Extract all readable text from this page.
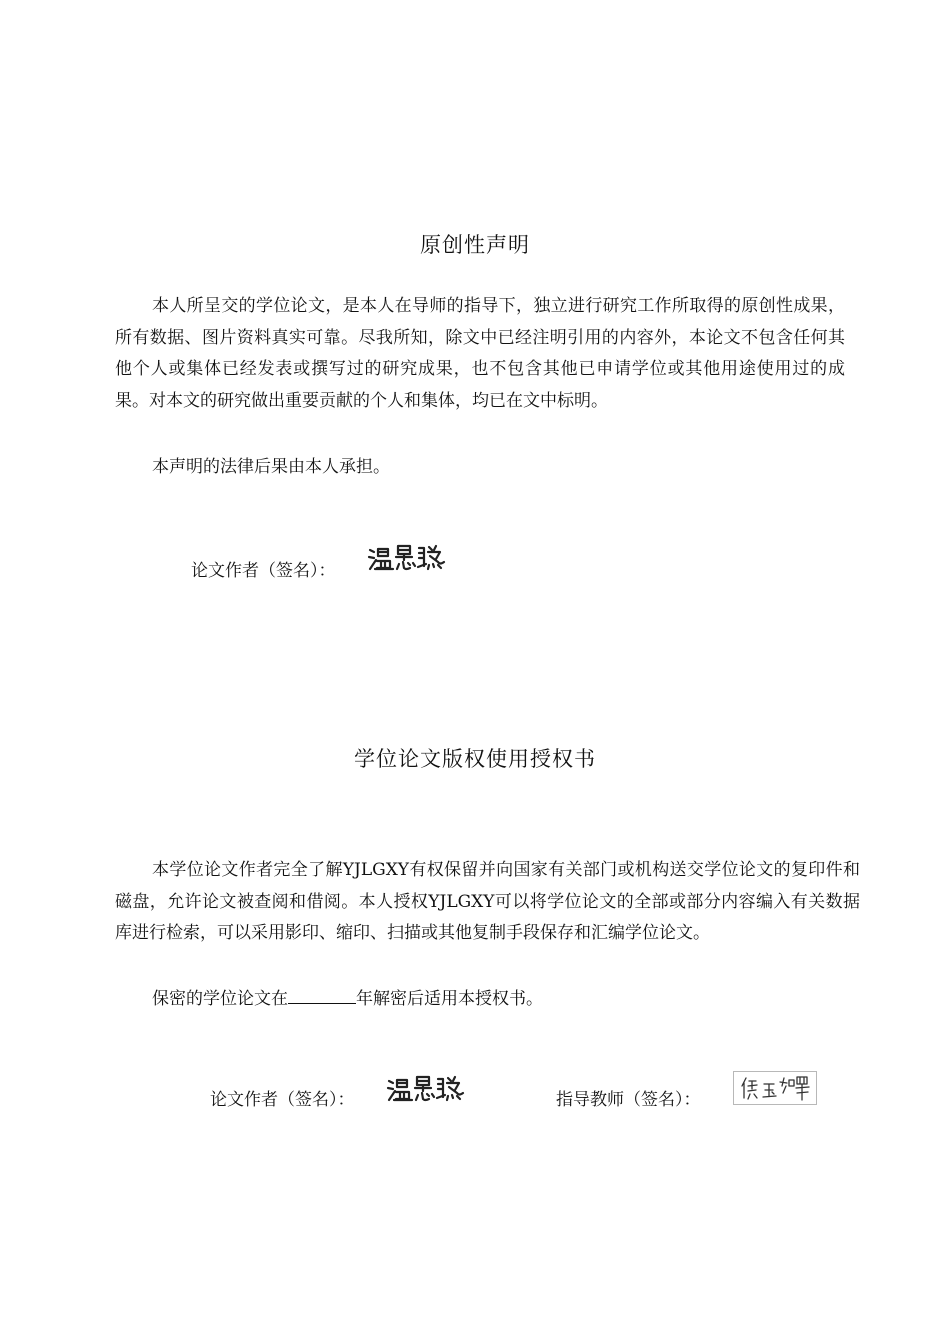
原创性声明

本人所呈交的学位论文，是本人在导师的指导下，独立进行研究工作所取得的原创性成果，所有数据、图片资料真实可靠。尽我所知，除文中已经注明引用的内容外，本论文不包含任何其他个人或集体已经发表或撰写过的研究成果，也不包含其他已申请学位或其他用途使用过的成果。对本文的研究做出重要贡献的个人和集体，均已在文中标明。

本声明的法律后果由本人承担。

论文作者（签名）：
学位论文版权使用授权书

本学位论文作者完全了解YJLGXY有权保留并向国家有关部门或机构送交学位论文的复印件和磁盘，允许论文被查阅和借阅。本人授权YJLGXY可以将学位论文的全部或部分内容编入有关数据库进行检索，可以采用影印、缩印、扫描或其他复制手段保存和汇编学位论文。

保密的学位论文在	年解密后适用本授权书。

论文作者（签名）：	指导教师（签名）：
